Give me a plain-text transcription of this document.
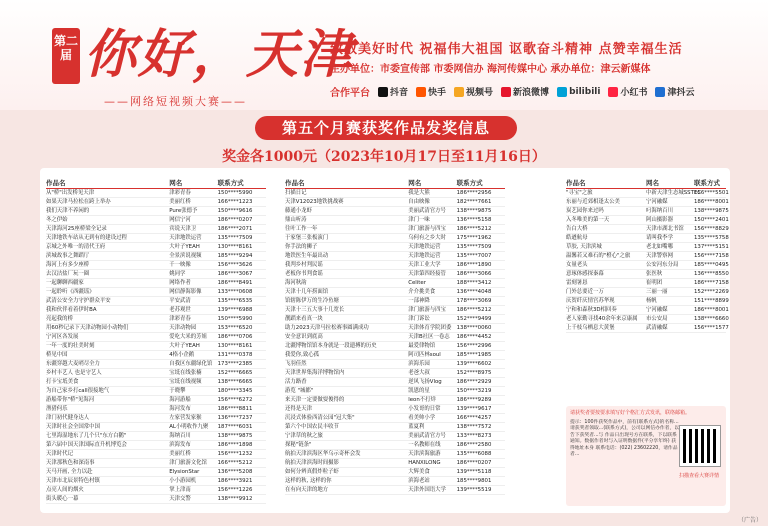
第二届 你好，天津
——网络短视频大赛——
致敬美好时代 祝福伟大祖国 讴歌奋斗精神 点赞幸福生活
主办单位：市委宣传部 市委网信办 海河传媒中心 承办单位：津云新媒体
合作平台 抖音 快手 视频号 新浪微博 bilibili 小红书 津抖云
第五个月赛获奖作品发奖信息
奖金各1000元（2023年10月17日至11月16日）
作品名	网名	联系方式
从"桥"出发桥见天津	津彩青春	150****5990
如果天津马拉松在跨上举办	美丽红桥	166****1223
我们天津不养闲的	Pure张德予	150****9616
冬之伊始	网信宁河	186****0207
天津海河25座桥梁全记录	宾说天津卫	186****2071
天津地铁车站从无到有的建设过程	天津地铁运营	135****7509
京城之外唯一的清代王府	大叶子YEAH	130****8161
滨城故事之舞蹈厅	全景滨说视频	185****9294
海河上有多少座桥	千一映像	156****3626
去汉沽盐厂玩一圈	姚同学	186****3067
一起聊聊西疆家	网络作者	186****8491
一起聆听《西疆谣》	网信静海影像	133****0608
武清公安全力守护群众平安	平安武清	135****6535
我和伙伴看着伊时BA	老苏观世	139****6988
亮起我的桥	津彩青春	150****5990
用60秒记录下天津动物园小动物们	天津动物园	153****6520
宁河区各发展	爱吃大米的芳姐	186****0706
一年一度的壮美时刻	大叶子YEAH	130****8161
桥见中国	4格小企鹅	131****0378
东疆穿越大麦哨尽全力	自我区东疆绿化馆	173****2385
乡村丰艺人 也是守艺人	宝坻在线张楠	152****6665
打卡宝坻美食	宝坻在线视频	138****6665
为自己家乡打call很接地气	于晓攀	180****3345
游船带你"桥"见海河	海河游船	156****6272
渔猎何乐	海河发布	186****8811
津门初代健身达人	左家营发家猴	136****7237
天津时社会全国常中国	AL小明收作九聚	187****6031
七里海湿地东了几个只"东方白鹳"	海纳百川	138****9875
第六届中国天津国际直升机博览会	滨海发布	186****1898
天津时代记	美丽红桥	156****1232
天津那秋色和深南事	津门旅游文化馆	166****5212
天马开画, 全力以赴	ElysionStar	136****5208
天津市北辰景特色村镇	小小游园机	186****3921
点亮人间的烟火	掌上津南	156****1226
街头暖心一幕	天津交警	138****9912
作品名	网名	联系方式
扫描日记	我是大熊	186****2956
天津V12023地铁挑战赛	自由映像	182****7661
藤通小龙虾	美丽武清官方号	138****9875
鼎山听涛	津门一味	136****5158
往叶工作一年	津门旅游与四宝	186****5212
于家堡三张板演门	乌何有之乡大时	175****1962
你手法的狮子	天津地铁运营	135****7509
地铁医生年最出动	天津地铁运营	135****7007
我判乡村判民谣	天津工业大学	186****1890
老板你书判食谣	天津第四经接管	186****3066
海河秋韵	Celiter	188****3412
天津十几年捞面馆	介介挑美食	136****4048
馆辖陈伊万的生冷鱼塘	一部神降	178****3069
天津十三五大事十几宽长	津门旅游与四宝	186****5212
靓蹈来看真一块	津门诉讼	152****9499
助力2023天津马拉松赛事圆满成功	天津体育学院团委	138****0060
安全意识到底高	天津B社区一卷志	186****4452
北疆博物馆馆本身就是一段遗搏的历史	最爱律物馆	156****2996
我爱你,致心孤	阿司匹林soul	185****1985
飞羽佳然	滨海乐园	139****6602
天津世界集海洋博物馆内	老爸大叔	152****8975
活力路香	逆风飞扬Vlog	186****2929
游览 "城都"	凯恩的星	150****3219
来天津一定要做耍俊得的	leon不打烊	186****9289
还得是天津	小发哥的日常	139****9617
沉浸式体验西清公园"冠大集"	看美帅小学	166****4257
第六个中国农民丰收节	蓝夏利	138****7572
宁津草的秋之旅	美丽武清官方号	133****8273
探秘"链条"	一名教师在线	186****2580
航拍天津滨海区华乌示奇杯会发	天津滨海旅游	135****6088
航拍天津滨海时间摄影	HANXILONG	186****0207
如何分辨真假炸粒子虾	大辉美食	139****5118
这样的秋, 这样的你	滨海老站	185****9801
在有向天津的地方	天津外国语大学	139****5519
作品名	网名	联系方式
"寻宝"之旅	中新天津生态城SSTEC	156****5501
东丽与近郊相逢太公美	宁河融媒	186****8001
炭艺园你来过吗	叼海纳百川	138****9875
入冬唯美的第一天	阿山摄影器	150****2401
告白大桥	天津市湖北书馆	156****8829
皓遒航母	请叫我李学	135****5758
草胶, 天津滨城	老北如嘴哪	137****5151
温馨若又难石的"橙心"之旅	天津警察网	156****7158
女量老头	公安河东分局	185****0495
意琢体感探秦幕	张医秋	136****8550
雷刻暑恳	崔明团	186****7158
门外总要近一万	三丽一丽	152****2269
庆贺纤庆情宫苏华现	杨帆	151****8899
宁和和森秋3D相回奏	宁河融媒	186****8001
老人家勤寻找40余年来京康属	市公安局	138****6660
上千枝乌栖息大黄堡	武清融媒	156****1577
请获奖者要按要求填写好个格汇方式发讯，联络邮箱。
提示：100件获奖作品中，前有(联系方式)的名称...请获奖者领取...(联系方式)，公司以网信办作者，以告下获奖者...与 作品日出现号方在联系，下以联系通知。数据作者时与入证明数据件(平分享年终) 获得地址本身 联系电话：(022) 23602220，请作品者...
扫描查看大赛详情
（广告）
